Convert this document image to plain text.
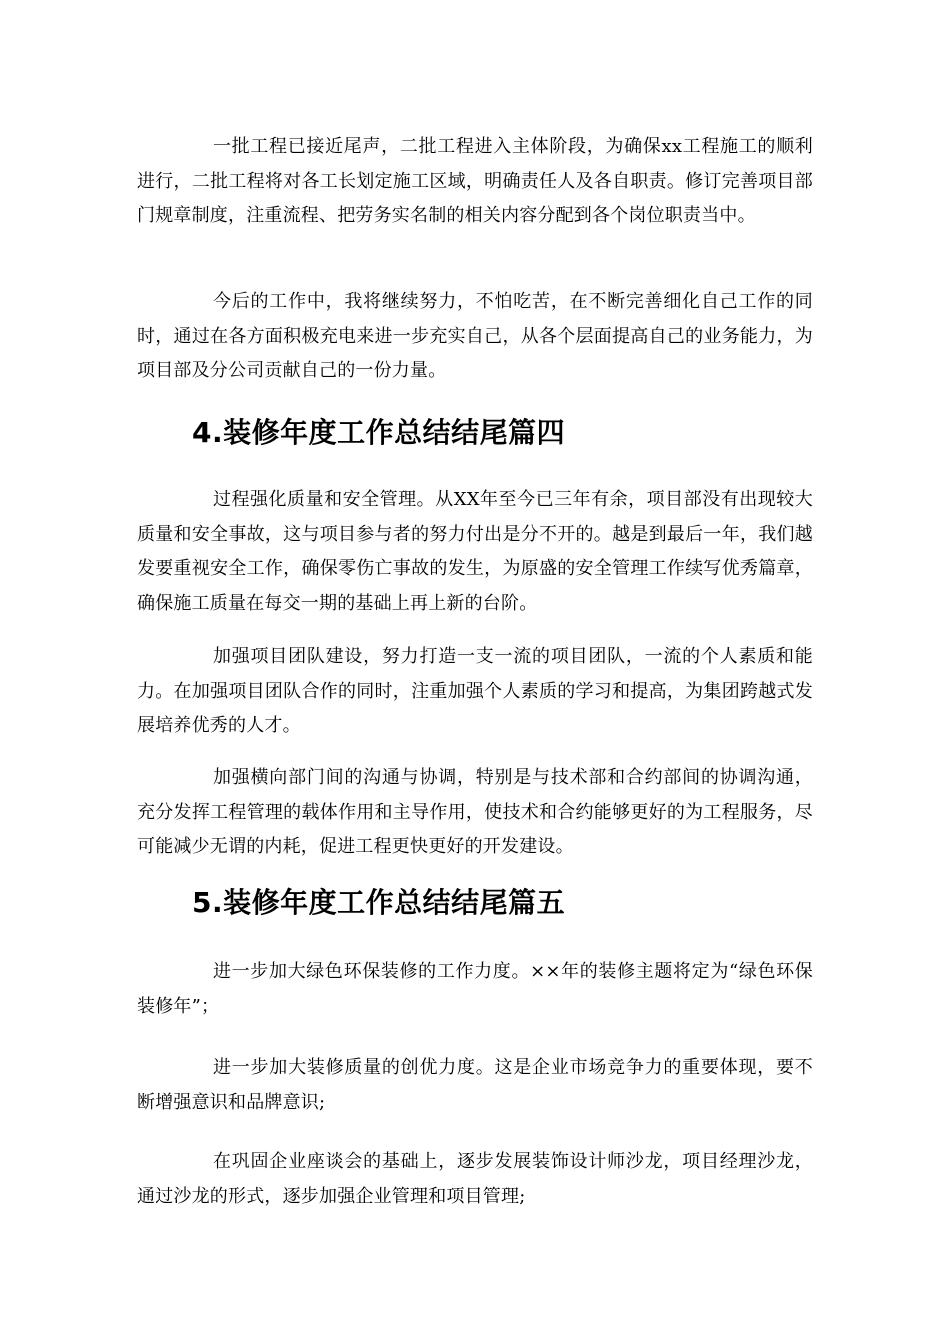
一批工程已接近尾声，二批工程进入主体阶段，为确保xx工程施工的顺利进行，二批工程将对各工长划定施工区域，明确责任人及各自职责。修订完善项目部门规章制度，注重流程、把劳务实名制的相关内容分配到各个岗位职责当中。

今后的工作中，我将继续努力，不怕吃苦，在不断完善细化自己工作的同时，通过在各方面积极充电来进一步充实自己，从各个层面提高自己的业务能力，为项目部及分公司贡献自己的一份力量。

4.装修年度工作总结结尾篇四

过程强化质量和安全管理。从XX年至今已三年有余，项目部没有出现较大质量和安全事故，这与项目参与者的努力付出是分不开的。越是到最后一年，我们越发要重视安全工作，确保零伤亡事故的发生，为原盛的安全管理工作续写优秀篇章，确保施工质量在每交一期的基础上再上新的台阶。

加强项目团队建设，努力打造一支一流的项目团队，一流的个人素质和能力。在加强项目团队合作的同时，注重加强个人素质的学习和提高，为集团跨越式发展培养优秀的人才。

加强横向部门间的沟通与协调，特别是与技术部和合约部间的协调沟通，充分发挥工程管理的载体作用和主导作用，使技术和合约能够更好的为工程服务，尽可能减少无谓的内耗，促进工程更快更好的开发建设。

5.装修年度工作总结结尾篇五

进一步加大绿色环保装修的工作力度。××年的装修主题将定为“绿色环保装修年”；

进一步加大装修质量的创优力度。这是企业市场竞争力的重要体现，要不断增强意识和品牌意识;

在巩固企业座谈会的基础上，逐步发展装饰设计师沙龙，项目经理沙龙，通过沙龙的形式，逐步加强企业管理和项目管理;
